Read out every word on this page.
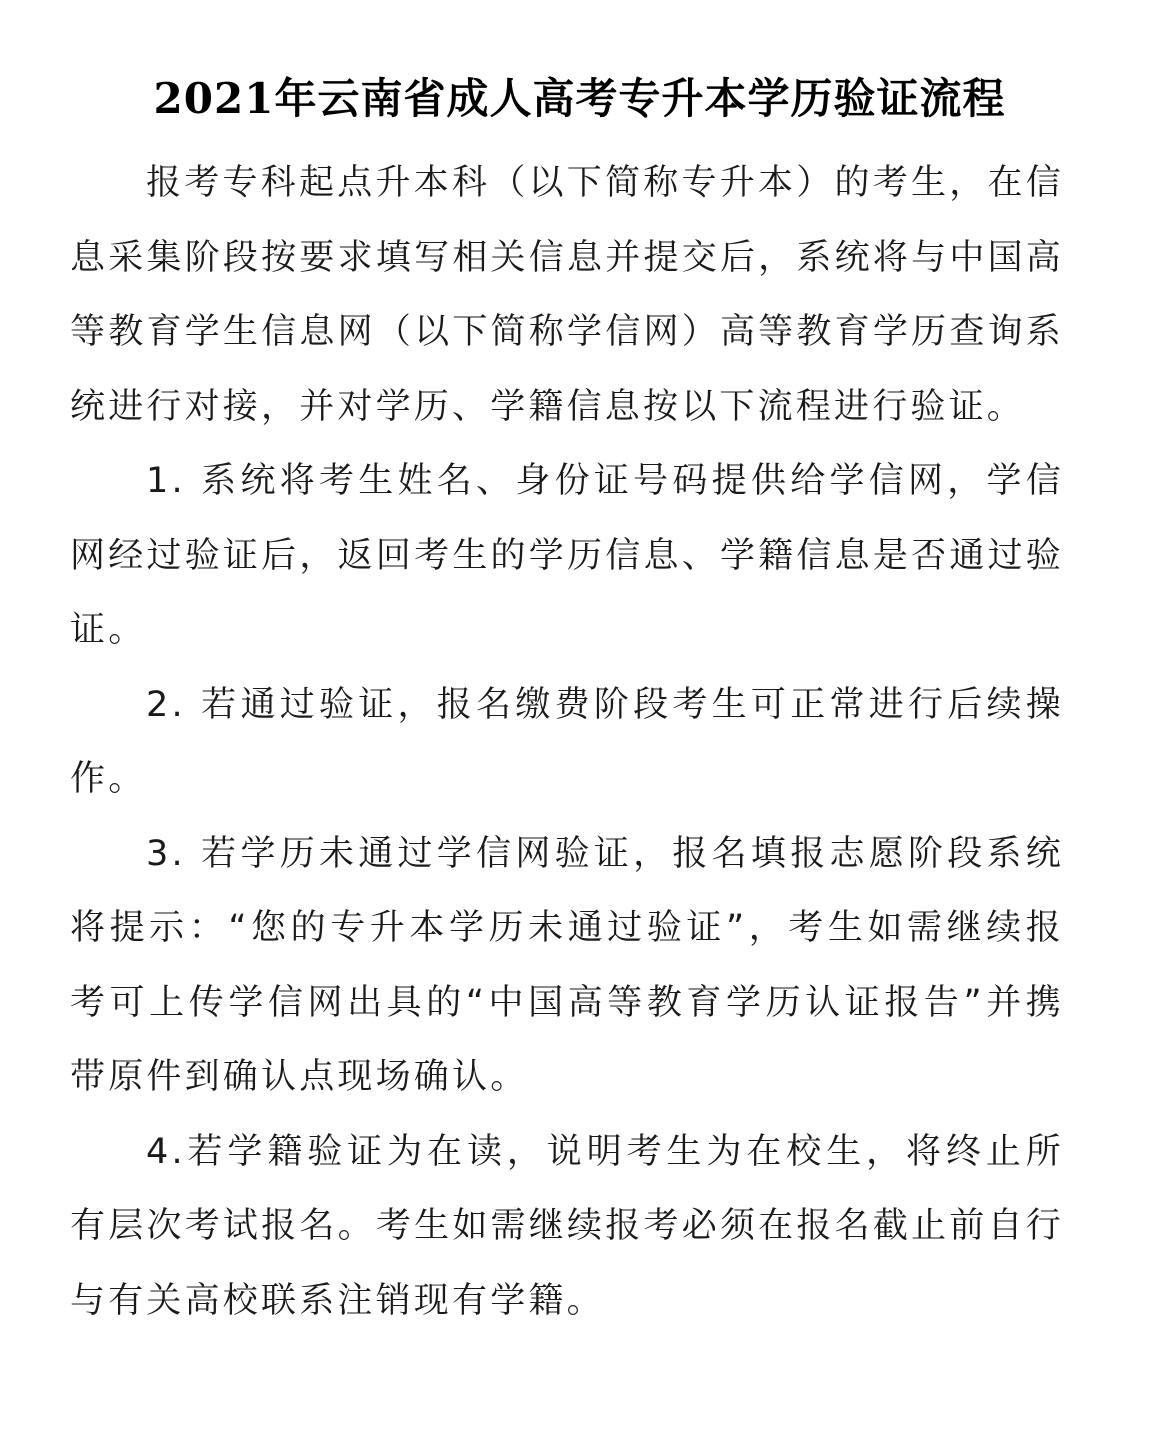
2021年云南省成人高考专升本学历验证流程

报考专科起点升本科（以下简称专升本）的考生，在信息采集阶段按要求填写相关信息并提交后，系统将与中国高等教育学生信息网（以下简称学信网）高等教育学历查询系统进行对接，并对学历、学籍信息按以下流程进行验证。

1. 系统将考生姓名、身份证号码提供给学信网，学信网经过验证后，返回考生的学历信息、学籍信息是否通过验证。

2. 若通过验证，报名缴费阶段考生可正常进行后续操作。

3. 若学历未通过学信网验证，报名填报志愿阶段系统将提示：“您的专升本学历未通过验证”，考生如需继续报考可上传学信网出具的“中国高等教育学历认证报告”并携带原件到确认点现场确认。

4.若学籍验证为在读，说明考生为在校生，将终止所有层次考试报名。考生如需继续报考必须在报名截止前自行与有关高校联系注销现有学籍。
